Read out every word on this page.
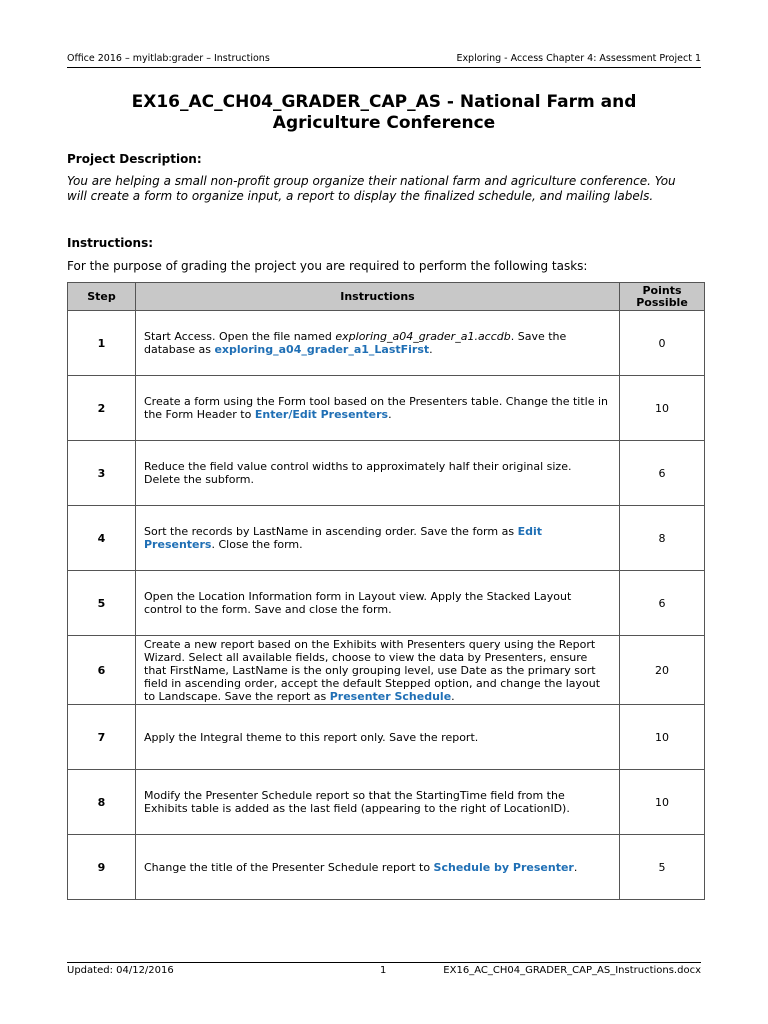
Office 2016 – myitlab:grader – Instructions	Exploring - Access Chapter 4: Assessment Project 1
EX16_AC_CH04_GRADER_CAP_AS - National Farm and
Agriculture Conference
Project Description:
You are helping a small non-profit group organize their national farm and agriculture conference. You will create a form to organize input, a report to display the finalized schedule, and mailing labels.
Instructions:
For the purpose of grading the project you are required to perform the following tasks:
Step	Instructions	Points
Possible

1	Start Access. Open the file named exploring_a04_grader_a1.accdb. Save the database as exploring_a04_grader_a1_LastFirst.	0
2	Create a form using the Form tool based on the Presenters table. Change the title in the Form Header to Enter/Edit Presenters.	10
3	Reduce the field value control widths to approximately half their original size. Delete the subform.	6
4	Sort the records by LastName in ascending order. Save the form as Edit Presenters. Close the form.	8
5	Open the Location Information form in Layout view. Apply the Stacked Layout control to the form. Save and close the form.	6
6	Create a new report based on the Exhibits with Presenters query using the Report Wizard. Select all available fields, choose to view the data by Presenters, ensure that FirstName, LastName is the only grouping level, use Date as the primary sort field in ascending order, accept the default Stepped option, and change the layout to Landscape. Save the report as Presenter Schedule.	20
7	Apply the Integral theme to this report only. Save the report.	10
8	Modify the Presenter Schedule report so that the StartingTime field from the Exhibits table is added as the last field (appearing to the right of LocationID).	10
9	Change the title of the Presenter Schedule report to Schedule by Presenter.	5
Updated: 04/12/2016	1	EX16_AC_CH04_GRADER_CAP_AS_Instructions.docx
